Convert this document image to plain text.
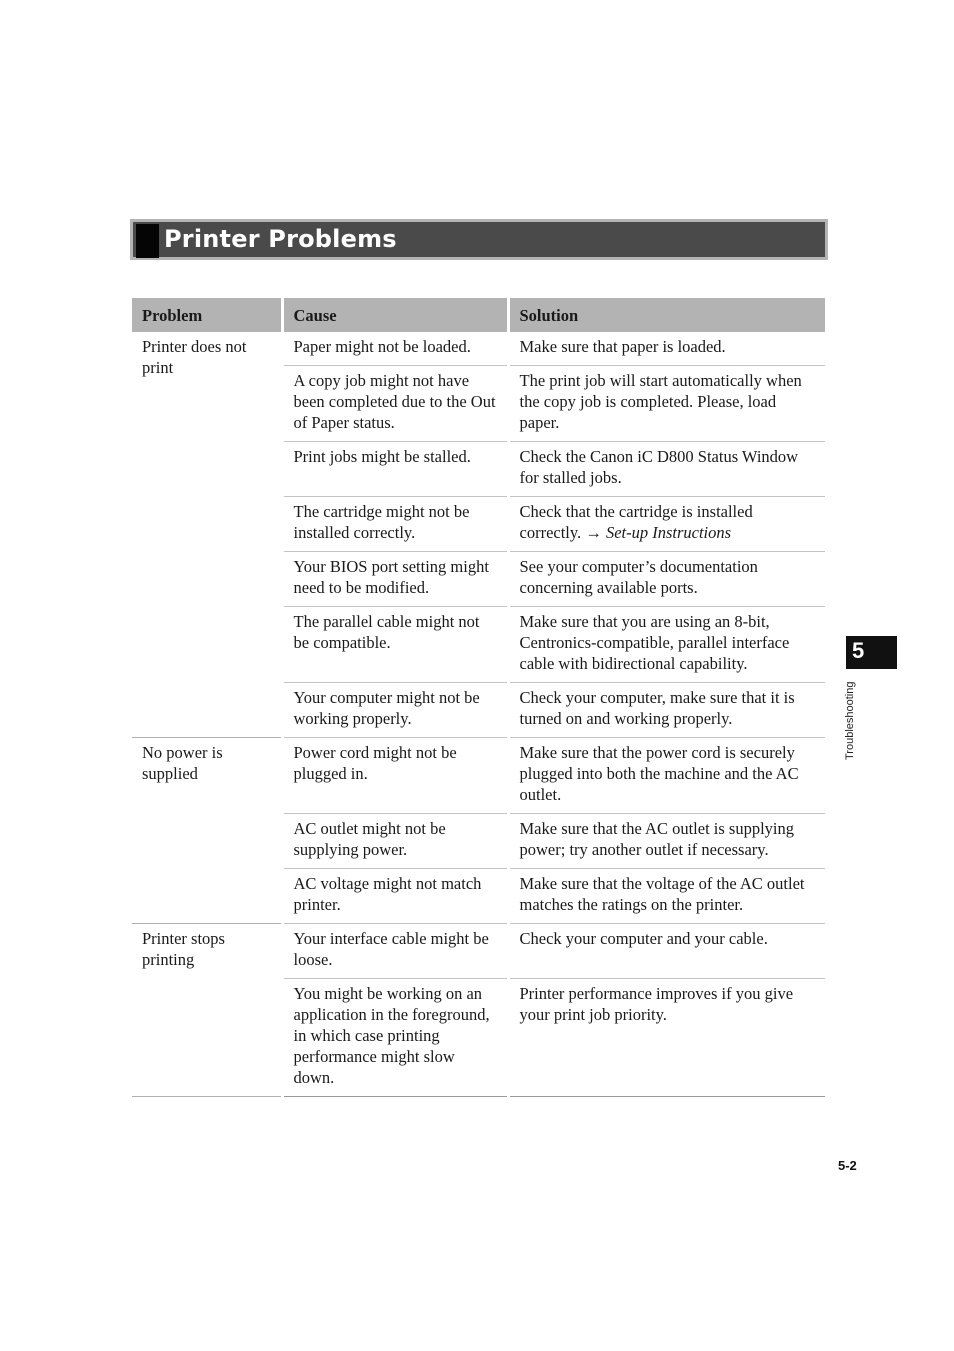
Printer Problems
Problem	Cause	Solution
Printer does not print	Paper might not be loaded.	Make sure that paper is loaded.
	A copy job might not have been completed due to the Out of Paper status.	The print job will start automatically when the copy job is completed. Please, load paper.
	Print jobs might be stalled.	Check the Canon iC D800 Status Window for stalled jobs.
	The cartridge might not be installed correctly.	Check that the cartridge is installed correctly. → Set-up Instructions
	Your BIOS port setting might need to be modified.	See your computer’s documentation concerning available ports.
	The parallel cable might not be compatible.	Make sure that you are using an 8-bit, Centronics-compatible, parallel interface cable with bidirectional capability.
	Your computer might not be working properly.	Check your computer, make sure that it is turned on and working properly.
No power is supplied	Power cord might not be plugged in.	Make sure that the power cord is securely plugged into both the machine and the AC outlet.
	AC outlet might not be supplying power.	Make sure that the AC outlet is supplying power; try another outlet if necessary.
	AC voltage might not match printer.	Make sure that the voltage of the AC outlet matches the ratings on the printer.
Printer stops printing	Your interface cable might be loose.	Check your computer and your cable.
	You might be working on an application in the foreground, in which case printing performance might slow down.	Printer performance improves if you give your print job priority.
5
Troubleshooting
5-2
